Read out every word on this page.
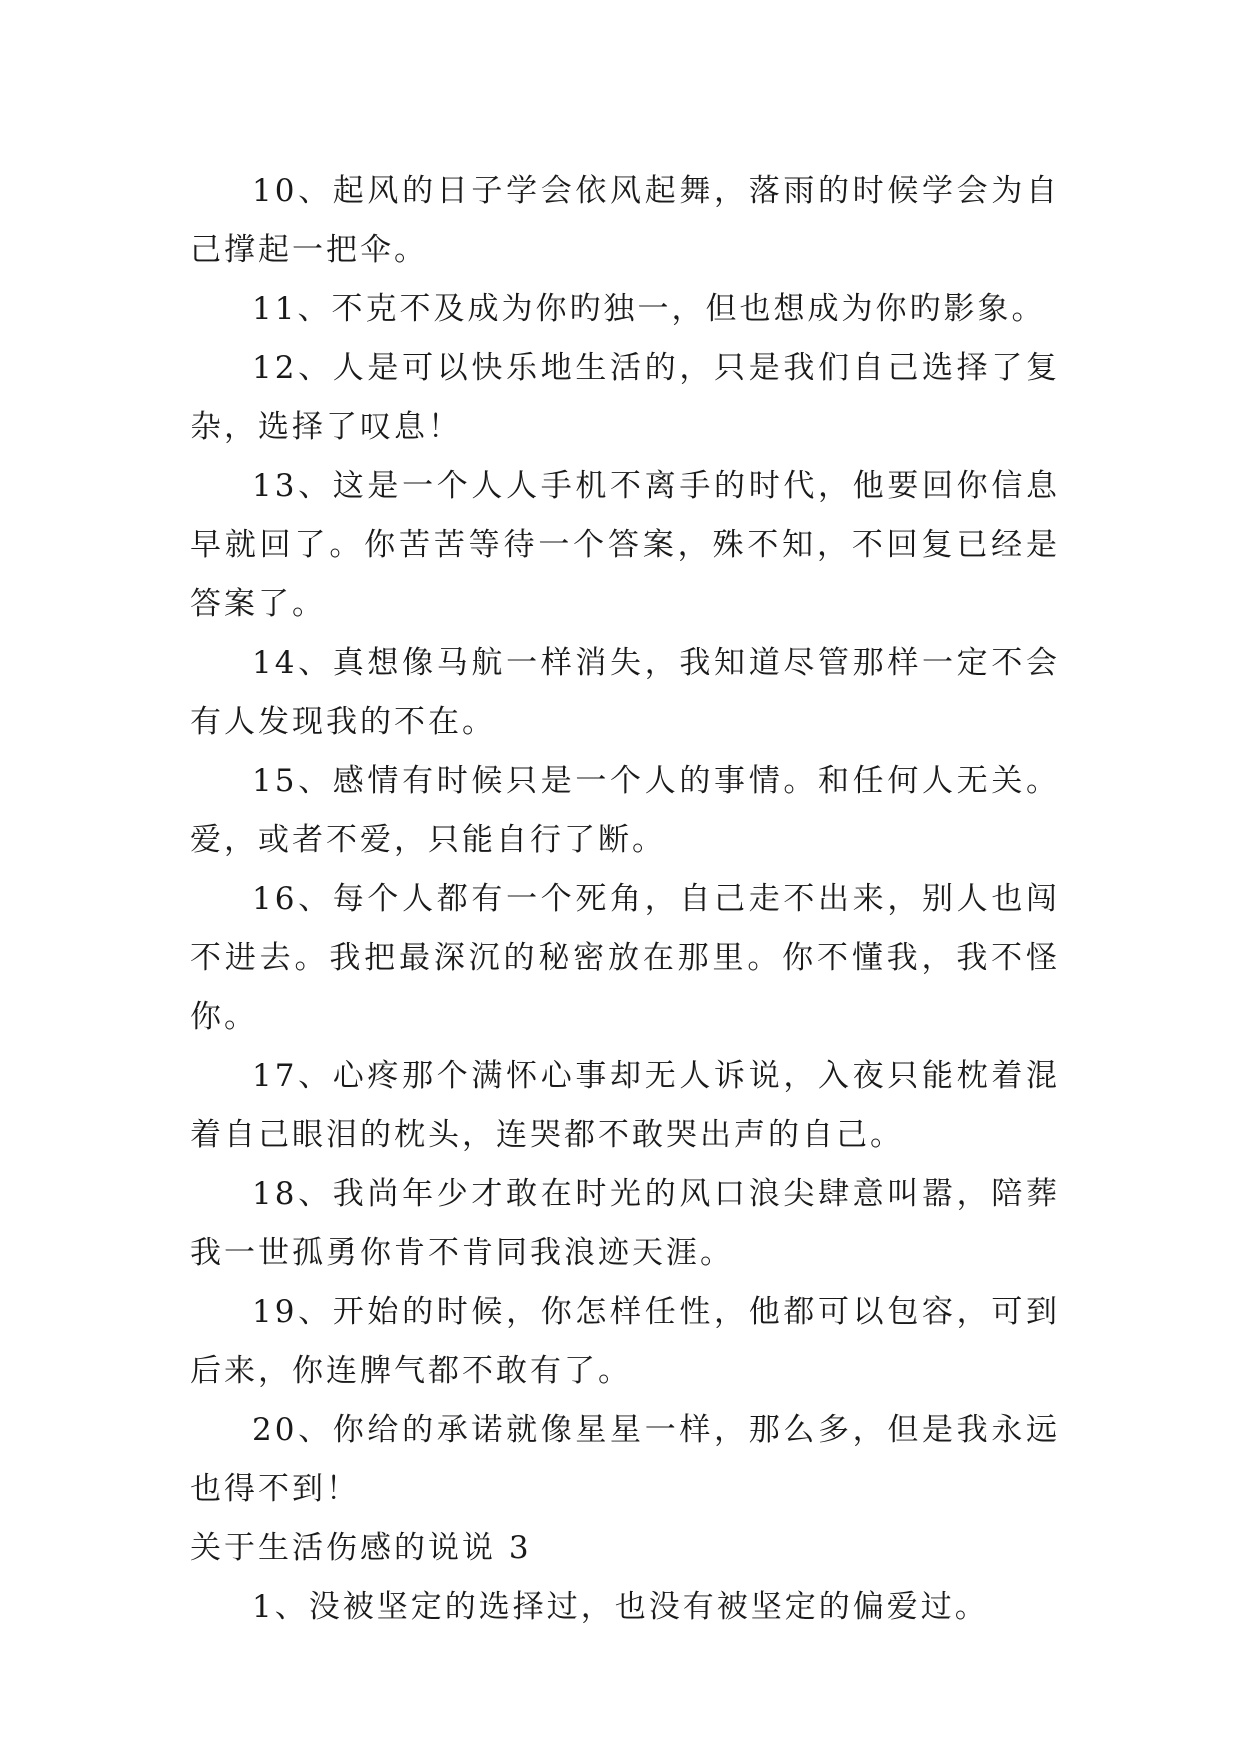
10、起风的日子学会依风起舞，落雨的时候学会为自己撑起一把伞。

11、不克不及成为你旳独一，但也想成为你旳影象。

12、人是可以快乐地生活的，只是我们自己选择了复杂，选择了叹息！

13、这是一个人人手机不离手的时代，他要回你信息早就回了。你苦苦等待一个答案，殊不知，不回复已经是答案了。

14、真想像马航一样消失，我知道尽管那样一定不会有人发现我的不在。

15、感情有时候只是一个人的事情。和任何人无关。爱，或者不爱，只能自行了断。

16、每个人都有一个死角，自己走不出来，别人也闯不进去。我把最深沉的秘密放在那里。你不懂我，我不怪你。

17、心疼那个满怀心事却无人诉说，入夜只能枕着混着自己眼泪的枕头，连哭都不敢哭出声的自己。

18、我尚年少才敢在时光的风口浪尖肆意叫嚣，陪葬我一世孤勇你肯不肯同我浪迹天涯。

19、开始的时候，你怎样任性，他都可以包容，可到后来，你连脾气都不敢有了。

20、你给的承诺就像星星一样，那么多，但是我永远也得不到！

关于生活伤感的说说 3

1、没被坚定的选择过，也没有被坚定的偏爱过。
